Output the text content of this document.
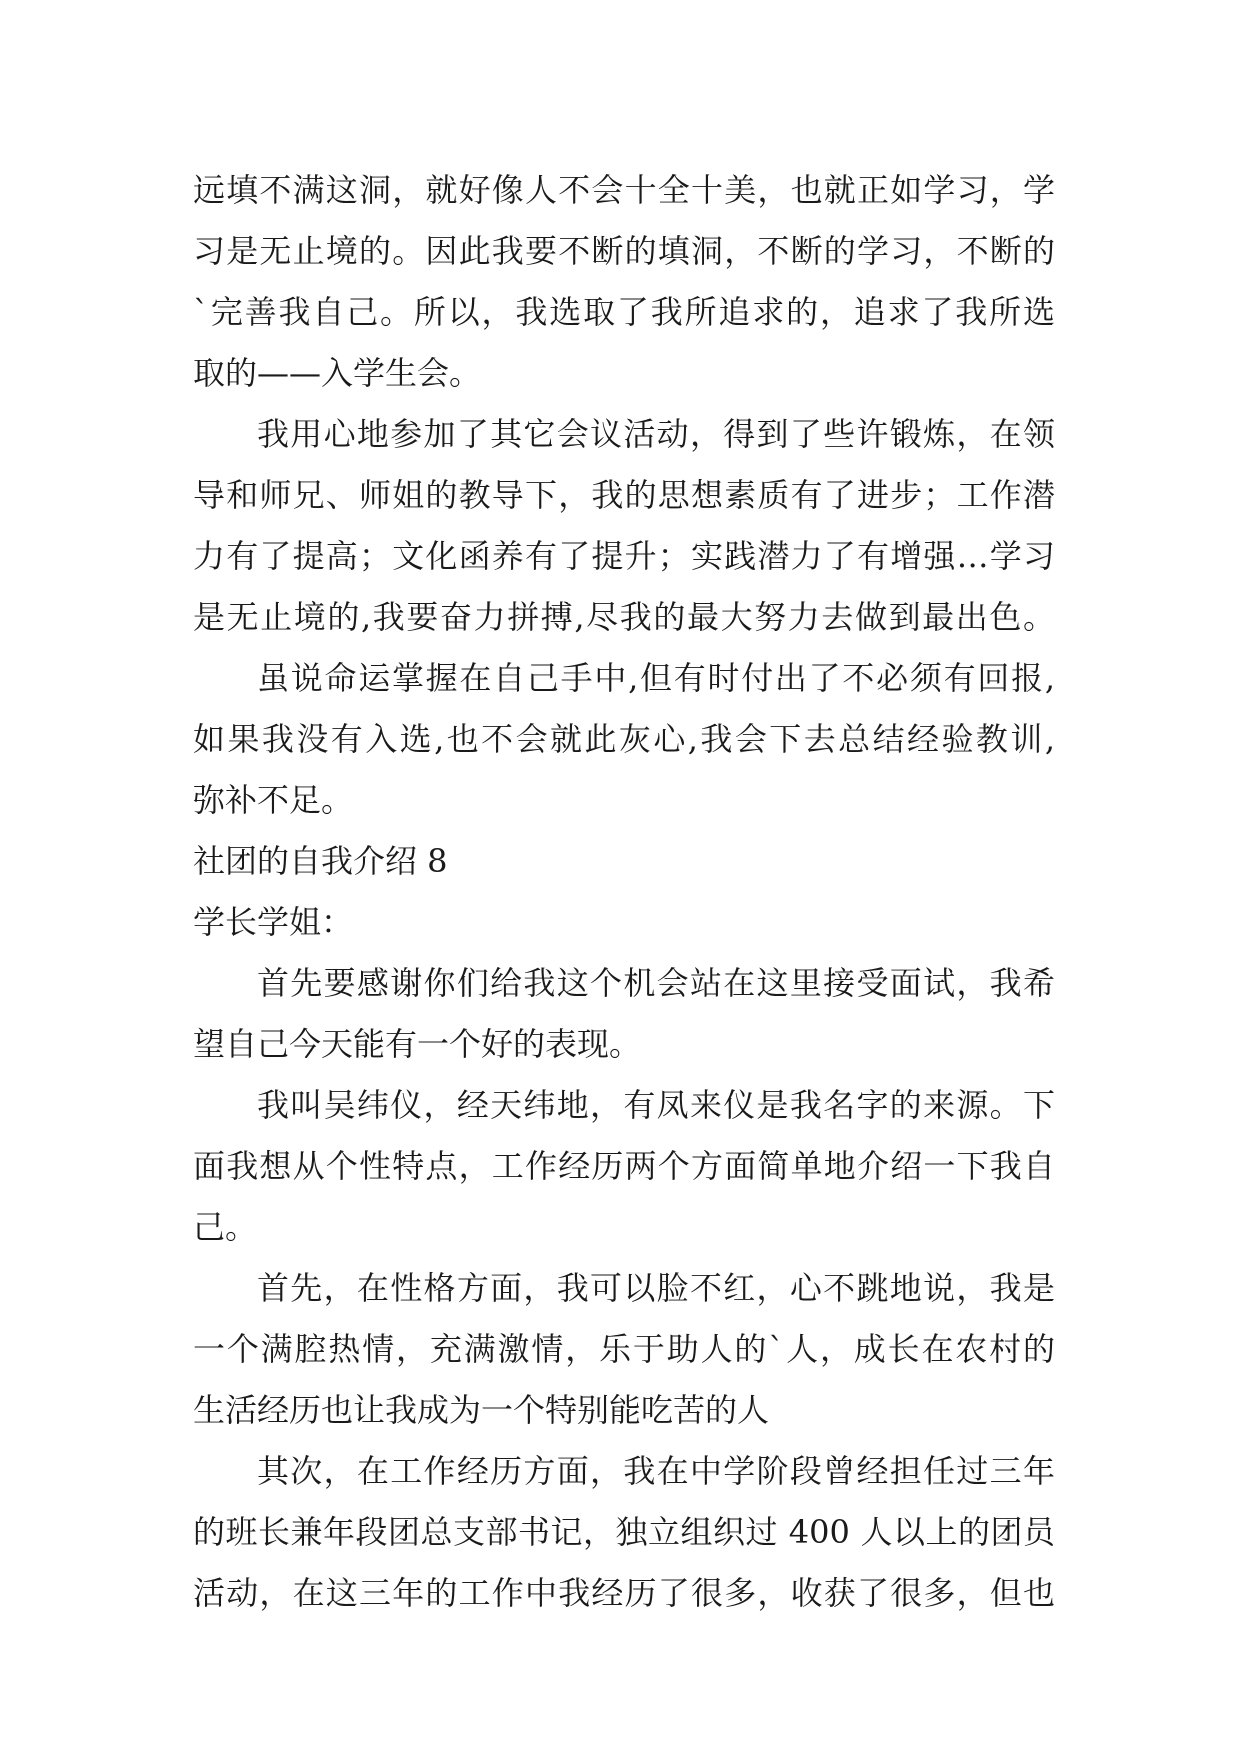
远填不满这洞，就好像人不会十全十美，也就正如学习，学
习是无止境的。因此我要不断的填洞，不断的学习，不断的
`完善我自己。所以，我选取了我所追求的，追求了我所选
取的——入学生会。
我用心地参加了其它会议活动，得到了些许锻炼，在领
导和师兄、师姐的教导下，我的思想素质有了进步；工作潜
力有了提高；文化函养有了提升；实践潜力了有增强…学习
是无止境的,我要奋力拼搏,尽我的最大努力去做到最出色。
虽说命运掌握在自己手中,但有时付出了不必须有回报,
如果我没有入选,也不会就此灰心,我会下去总结经验教训,
弥补不足。
社团的自我介绍 8
学长学姐：
首先要感谢你们给我这个机会站在这里接受面试，我希
望自己今天能有一个好的表现。
我叫吴纬仪，经天纬地，有凤来仪是我名字的来源。下
面我想从个性特点，工作经历两个方面简单地介绍一下我自
己。
首先，在性格方面，我可以脸不红，心不跳地说，我是
一个满腔热情，充满激情，乐于助人的`人，成长在农村的
生活经历也让我成为一个特别能吃苦的人
其次，在工作经历方面，我在中学阶段曾经担任过三年
的班长兼年段团总支部书记，独立组织过 400 人以上的团员
活动，在这三年的工作中我经历了很多，收获了很多，但也
